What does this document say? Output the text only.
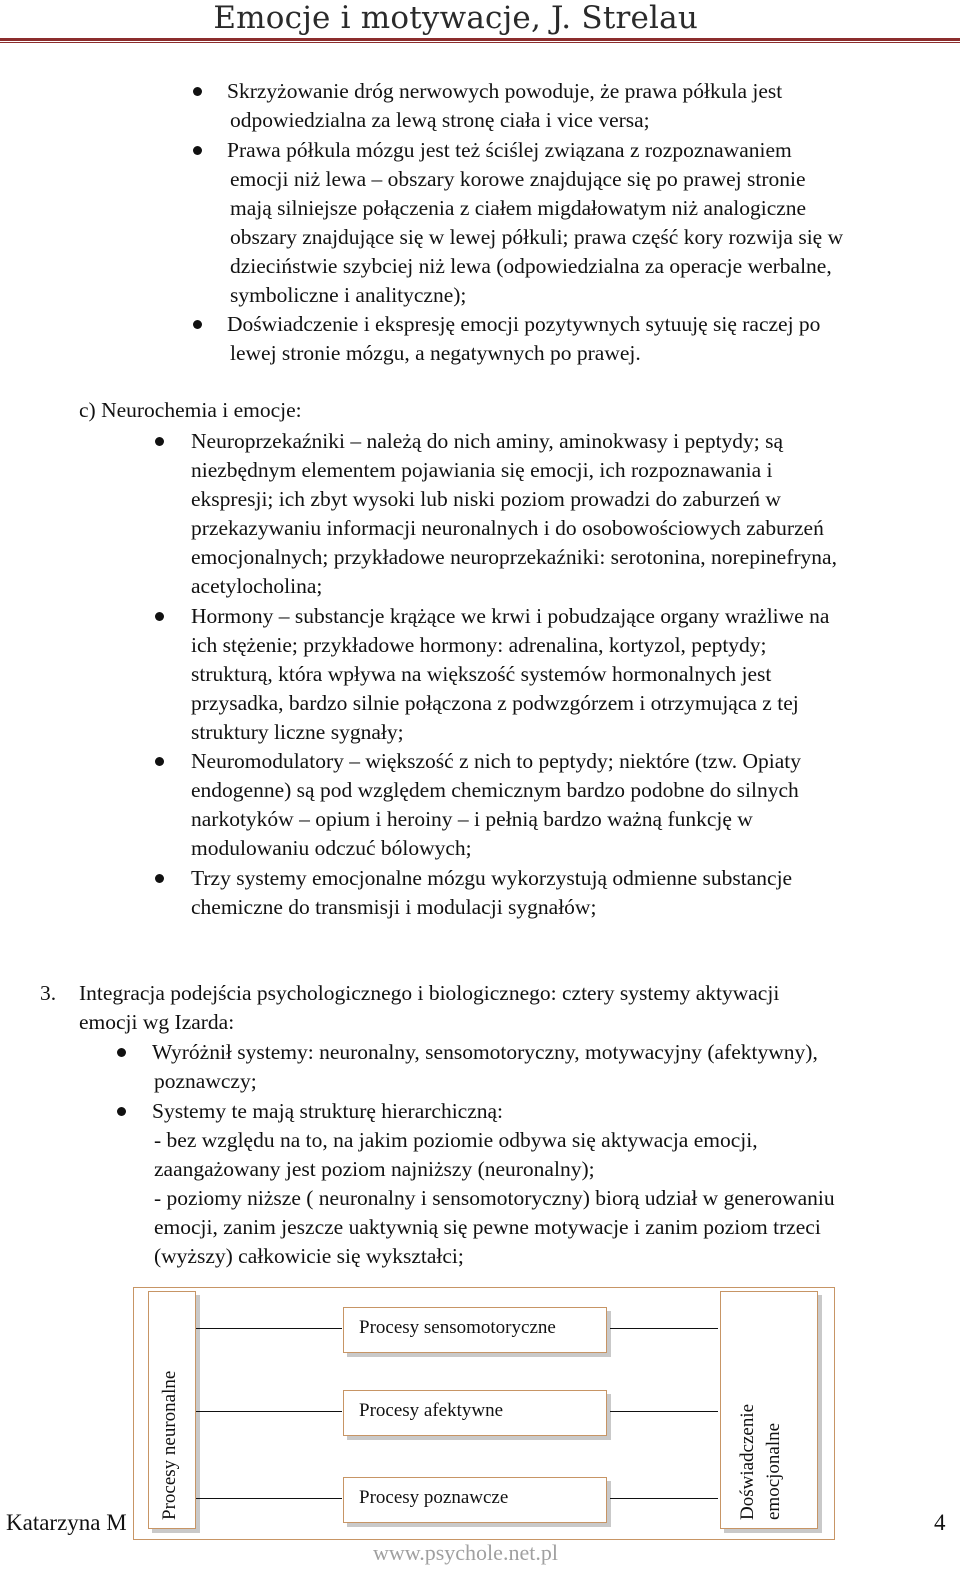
Emocje i motywacje, J. Strelau
Skrzyżowanie dróg nerwowych powoduje, że prawa półkula jest
odpowiedzialna za lewą stronę ciała i vice versa;
Prawa półkula mózgu jest też ściślej związana z rozpoznawaniem
emocji niż lewa – obszary korowe znajdujące się po prawej stronie
mają silniejsze połączenia z ciałem migdałowatym niż analogiczne
obszary znajdujące się w lewej półkuli; prawa część kory rozwija się w
dzieciństwie szybciej niż lewa (odpowiedzialna za operacje werbalne,
symboliczne i analityczne);
Doświadczenie i ekspresję emocji pozytywnych sytuuję się raczej po
lewej stronie mózgu, a negatywnych po prawej.
c) Neurochemia i emocje:
Neuroprzekaźniki – należą do nich aminy, aminokwasy i peptydy; są
niezbędnym elementem pojawiania się emocji, ich rozpoznawania i
ekspresji; ich zbyt wysoki lub niski poziom prowadzi do zaburzeń w
przekazywaniu informacji neuronalnych i do osobowościowych zaburzeń
emocjonalnych; przykładowe neuroprzekaźniki: serotonina, norepinefryna,
acetylocholina;
Hormony – substancje krążące we krwi i pobudzające organy wrażliwe na
ich stężenie; przykładowe hormony: adrenalina, kortyzol, peptydy;
strukturą, która wpływa na większość systemów hormonalnych jest
przysadka, bardzo silnie połączona z podwzgórzem i otrzymująca z tej
struktury liczne sygnały;
Neuromodulatory – większość z nich to peptydy; niektóre (tzw. Opiaty
endogenne) są pod względem chemicznym bardzo podobne do silnych
narkotyków – opium i heroiny – i pełnią bardzo ważną funkcję w
modulowaniu odczuć bólowych;
Trzy systemy emocjonalne mózgu wykorzystują odmienne substancje
chemiczne do transmisji i modulacji sygnałów;
3. Integracja podejścia psychologicznego i biologicznego: cztery systemy aktywacji
emocji wg Izarda:
Wyróżnił systemy: neuronalny, sensomotoryczny, motywacyjny (afektywny),
poznawczy;
Systemy te mają strukturę hierarchiczną:
- bez względu na to, na jakim poziomie odbywa się aktywacja emocji,
zaangażowany jest poziom najniższy (neuronalny);
- poziomy niższe ( neuronalny i sensomotoryczny) biorą udział w generowaniu
emocji, zanim jeszcze uaktywnią się pewne motywacje i zanim poziom trzeci
(wyższy) całkowicie się wykształci;
Procesy neuronalne	Doświadczenie emocjonalne
Procesy sensomotoryczne
Procesy afektywne
Procesy poznawcze
Katarzyna M	4
www.psychole.net.pl
